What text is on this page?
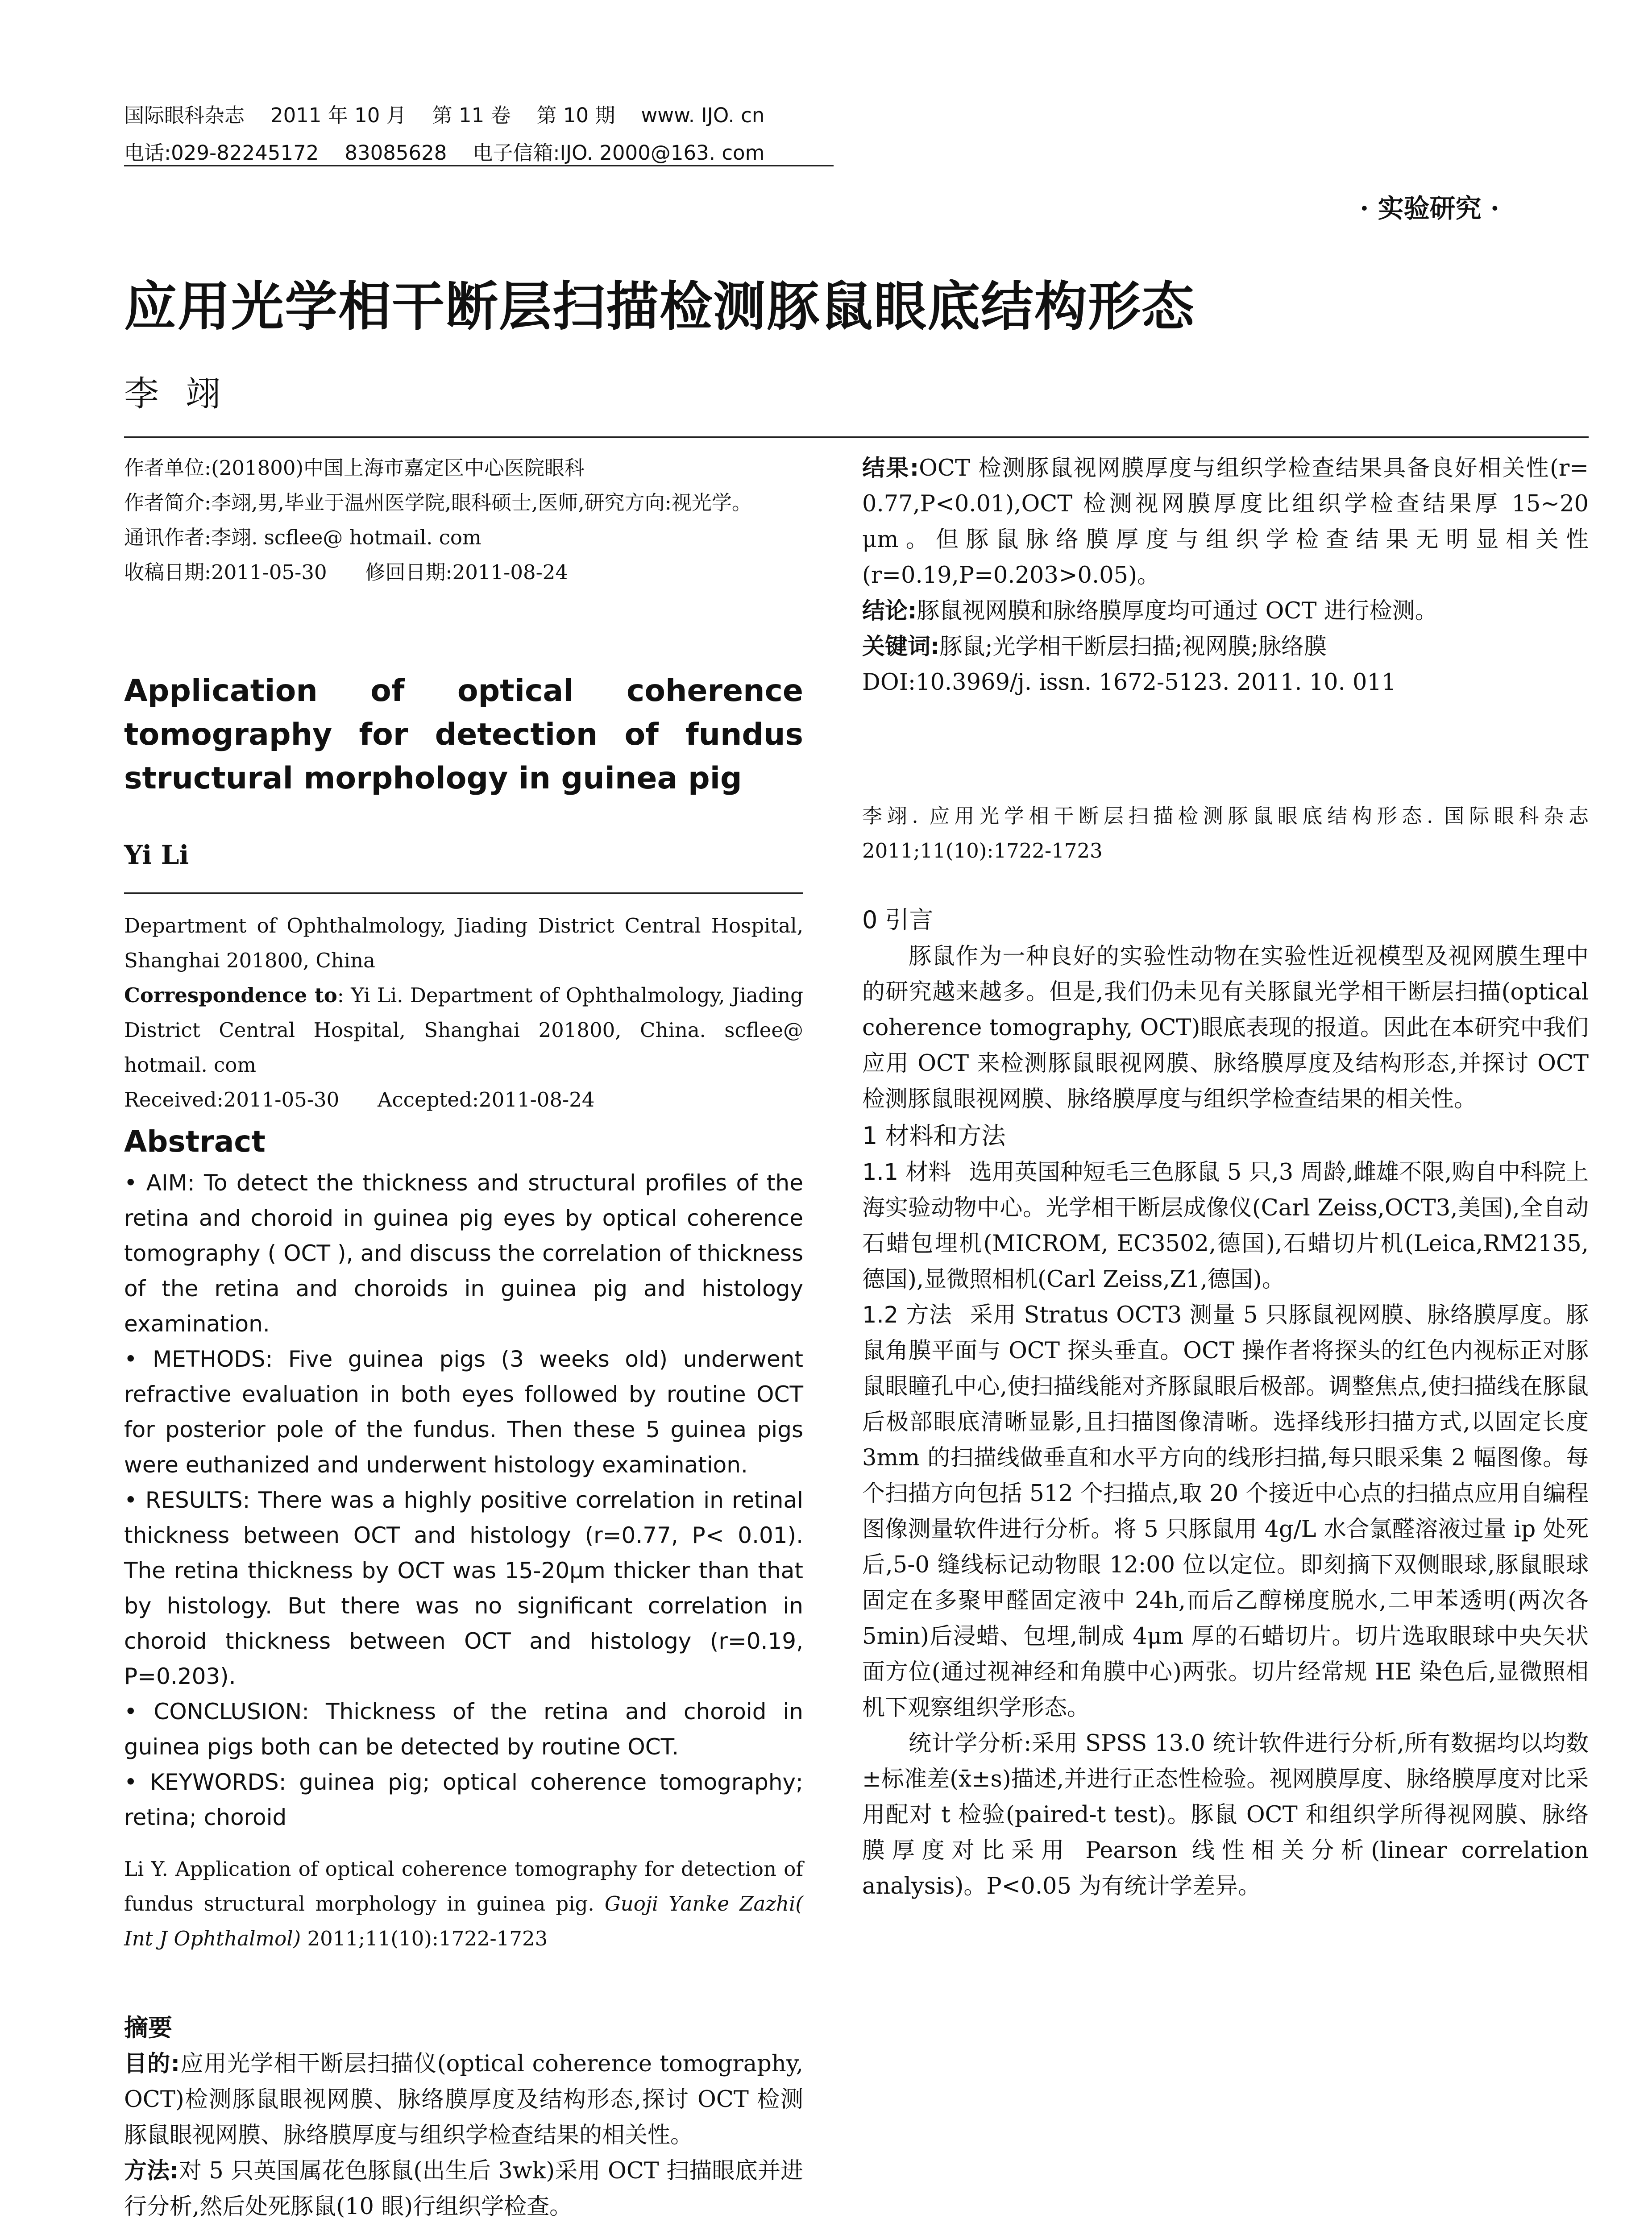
国际眼科杂志 2011 年 10 月 第 11 卷 第 10 期 www. IJO. cn
电话:029-82245172 83085628 电子信箱:IJO. 2000@163. com
· 实验研究 ·
应用光学相干断层扫描检测豚鼠眼底结构形态
李翊

作者单位:(201800)中国上海市嘉定区中心医院眼科

作者简介:李翊,男,毕业于温州医学院,眼科硕士,医师,研究方向:视光学。

通讯作者:李翊. scflee@ hotmail. com

收稿日期:2011-05-30      修回日期:2011-08-24

Application of optical coherence tomography for detection of fundus structural morphology in guinea pig
Yi Li

Department of Ophthalmology, Jiading District Central Hospital, Shanghai 201800, China

Correspondence to: Yi Li. Department of Ophthalmology, Jiading District Central Hospital, Shanghai 201800, China. scflee@ hotmail. com

Received:2011-05-30      Accepted:2011-08-24

Abstract

• AIM: To detect the thickness and structural profiles of the retina and choroid in guinea pig eyes by optical coherence tomography ( OCT ), and discuss the correlation of thickness of the retina and choroids in guinea pig and histology examination.

• METHODS: Five guinea pigs (3 weeks old) underwent refractive evaluation in both eyes followed by routine OCT for posterior pole of the fundus. Then these 5 guinea pigs were euthanized and underwent histology examination.

• RESULTS: There was a highly positive correlation in retinal thickness between OCT and histology (r=0.77, P< 0.01). The retina thickness by OCT was 15-20μm thicker than that by histology. But there was no significant correlation in choroid thickness between OCT and histology (r=0.19, P=0.203).

• CONCLUSION: Thickness of the retina and choroid in guinea pigs both can be detected by routine OCT.

• KEYWORDS: guinea pig; optical coherence tomography; retina; choroid

Li Y. Application of optical coherence tomography for detection of fundus structural morphology in guinea pig. Guoji Yanke Zazhi( Int J Ophthalmol) 2011;11(10):1722-1723

摘要

目的:应用光学相干断层扫描仪(optical coherence tomography, OCT)检测豚鼠眼视网膜、脉络膜厚度及结构形态,探讨 OCT 检测豚鼠眼视网膜、脉络膜厚度与组织学检查结果的相关性。

方法:对 5 只英国属花色豚鼠(出生后 3wk)采用 OCT 扫描眼底并进行分析,然后处死豚鼠(10 眼)行组织学检查。

结果:OCT 检测豚鼠视网膜厚度与组织学检查结果具备良好相关性(r= 0.77,P<0.01),OCT 检测视网膜厚度比组织学检查结果厚 15~20 μm。但豚鼠脉络膜厚度与组织学检查结果无明显相关性(r=0.19,P=0.203>0.05)。

结论:豚鼠视网膜和脉络膜厚度均可通过 OCT 进行检测。

关键词:豚鼠;光学相干断层扫描;视网膜;脉络膜

DOI:10.3969/j. issn. 1672-5123. 2011. 10. 011

李翊. 应用光学相干断层扫描检测豚鼠眼底结构形态. 国际眼科杂志 2011;11(10):1722-1723

0 引言

豚鼠作为一种良好的实验性动物在实验性近视模型及视网膜生理中的研究越来越多。但是,我们仍未见有关豚鼠光学相干断层扫描(optical coherence tomography, OCT)眼底表现的报道。因此在本研究中我们应用 OCT 来检测豚鼠眼视网膜、脉络膜厚度及结构形态,并探讨 OCT 检测豚鼠眼视网膜、脉络膜厚度与组织学检查结果的相关性。

1 材料和方法

1.1 材料 选用英国种短毛三色豚鼠 5 只,3 周龄,雌雄不限,购自中科院上海实验动物中心。光学相干断层成像仪(Carl Zeiss,OCT3,美国),全自动石蜡包埋机(MICROM, EC3502,德国),石蜡切片机(Leica,RM2135,德国),显微照相机(Carl Zeiss,Z1,德国)。

1.2 方法 采用 Stratus OCT3 测量 5 只豚鼠视网膜、脉络膜厚度。豚鼠角膜平面与 OCT 探头垂直。OCT 操作者将探头的红色内视标正对豚鼠眼瞳孔中心,使扫描线能对齐豚鼠眼后极部。调整焦点,使扫描线在豚鼠后极部眼底清晰显影,且扫描图像清晰。选择线形扫描方式,以固定长度 3mm 的扫描线做垂直和水平方向的线形扫描,每只眼采集 2 幅图像。每个扫描方向包括 512 个扫描点,取 20 个接近中心点的扫描点应用自编程图像测量软件进行分析。将 5 只豚鼠用 4g/L 水合氯醛溶液过量 ip 处死后,5-0 缝线标记动物眼 12:00 位以定位。即刻摘下双侧眼球,豚鼠眼球固定在多聚甲醛固定液中 24h,而后乙醇梯度脱水,二甲苯透明(两次各 5min)后浸蜡、包埋,制成 4μm 厚的石蜡切片。切片选取眼球中央矢状面方位(通过视神经和角膜中心)两张。切片经常规 HE 染色后,显微照相机下观察组织学形态。

统计学分析:采用 SPSS 13.0 统计软件进行分析,所有数据均以均数±标准差(x̄±s)描述,并进行正态性检验。视网膜厚度、脉络膜厚度对比采用配对 t 检验(paired-t test)。豚鼠 OCT 和组织学所得视网膜、脉络膜厚度对比采用 Pearson 线性相关分析(linear correlation analysis)。P<0.05 为有统计学差异。
